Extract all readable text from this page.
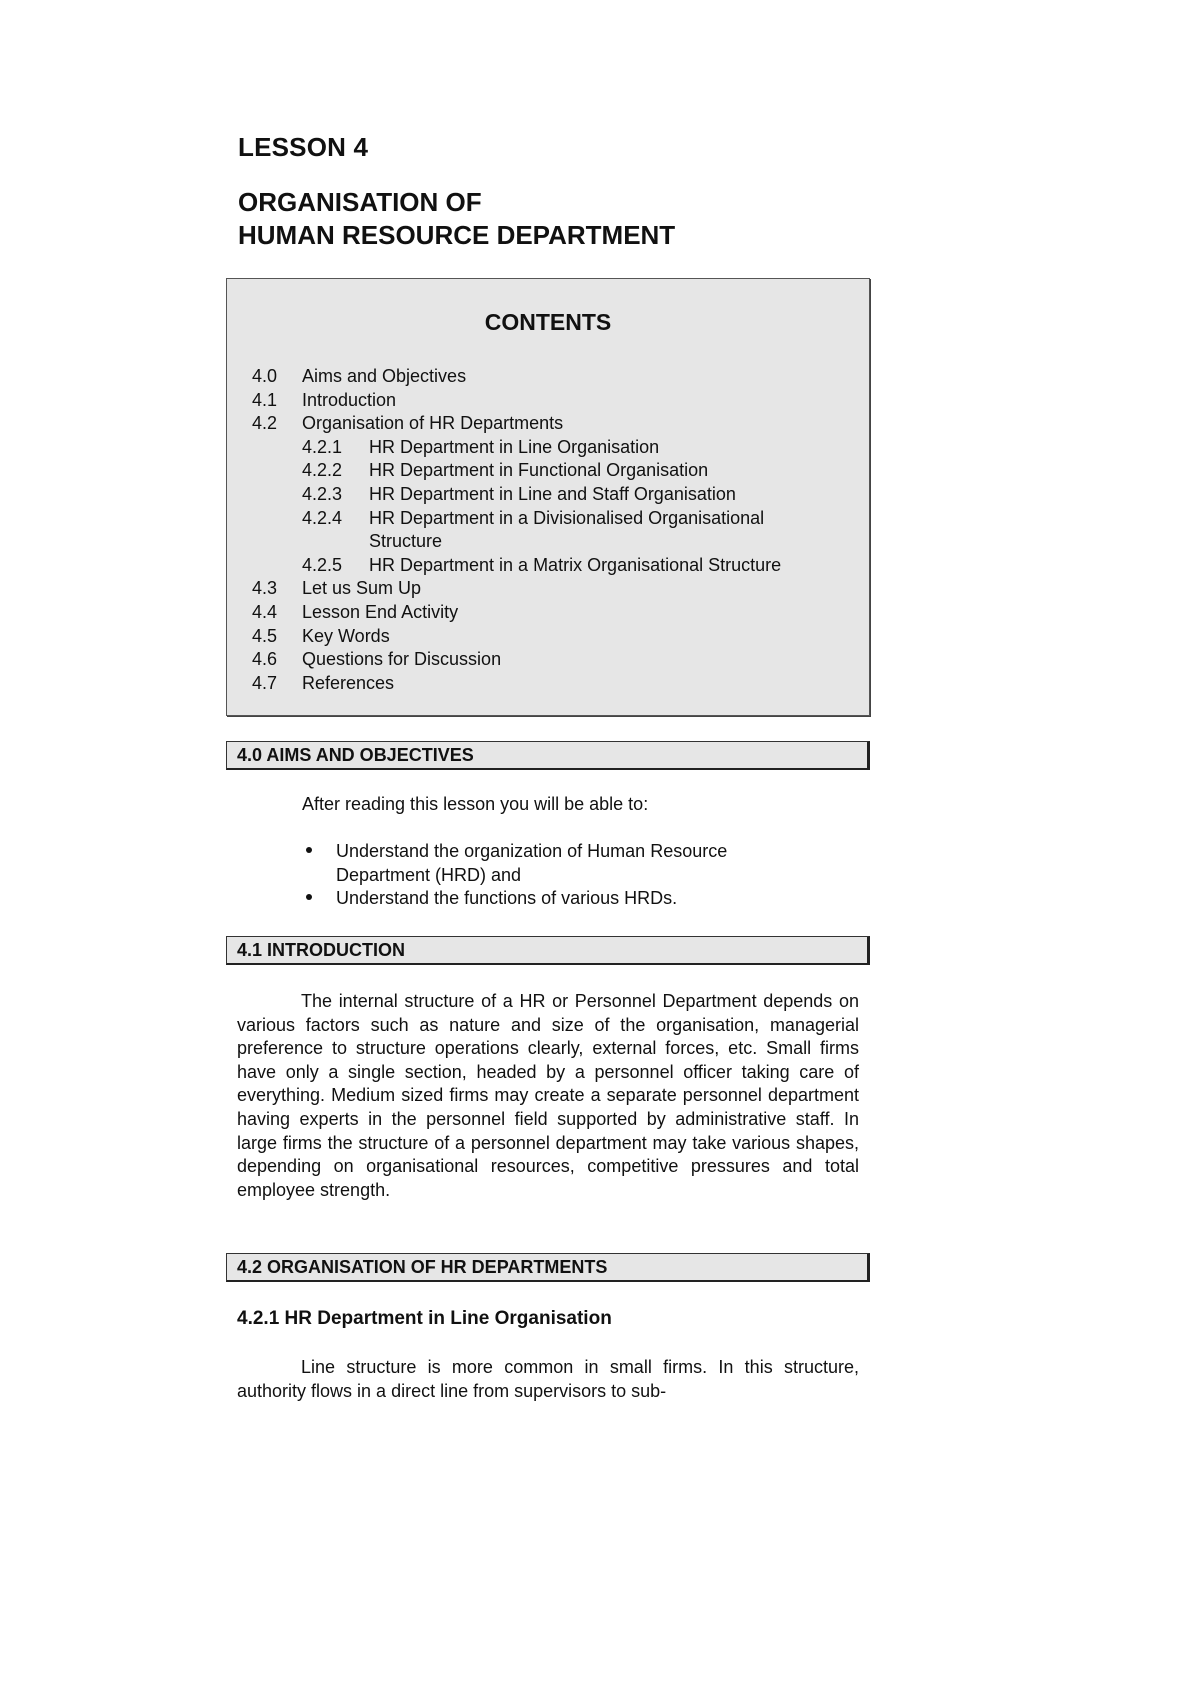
LESSON 4
ORGANISATION OF
HUMAN RESOURCE DEPARTMENT
CONTENTS
4.0	Aims and Objectives
4.1	Introduction
4.2	Organisation of HR Departments
4.2.1	HR Department in Line Organisation
4.2.2	HR Department in Functional Organisation
4.2.3	HR Department in Line and Staff Organisation
4.2.4	HR Department in a Divisionalised Organisational Structure
4.2.5	HR Department in a Matrix Organisational Structure
4.3	Let us Sum Up
4.4	Lesson End Activity
4.5	Key Words
4.6	Questions for Discussion
4.7	References
4.0 AIMS AND OBJECTIVES
After reading this lesson you will be able to:
Understand the organization of Human Resource Department (HRD) and
Understand the functions of various HRDs.
4.1 INTRODUCTION

The internal structure of a HR or Personnel Department depends on various factors such as nature and size of the organisation, managerial preference to structure operations clearly, external forces, etc. Small firms have only a single section, headed by a personnel officer taking care of everything. Medium sized firms may create a separate personnel department having experts in the personnel field supported by administrative staff. In large firms the structure of a personnel department may take various shapes, depending on organisational resources, competitive pressures and total employee strength.

4.2 ORGANISATION OF HR DEPARTMENTS
4.2.1 HR Department in Line Organisation

Line structure is more common in small firms. In this structure, authority flows in a direct line from supervisors to sub-
